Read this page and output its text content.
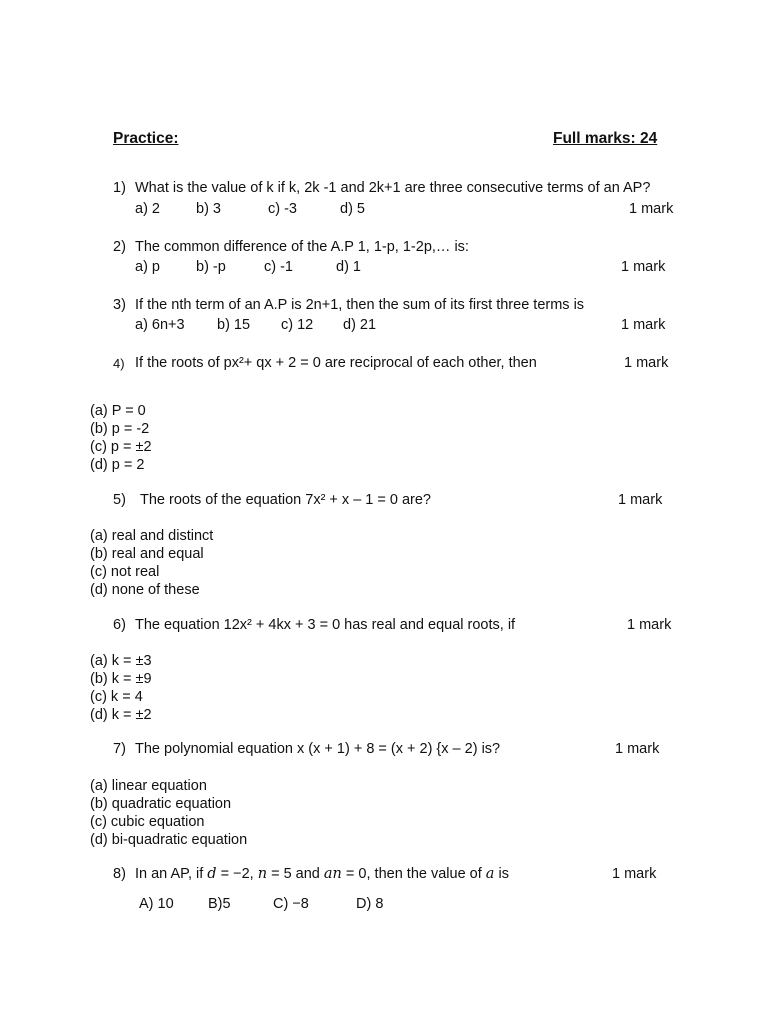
Practice:	Full marks: 24
1) What is the value of k if k, 2k -1 and 2k+1 are three consecutive terms of an AP?
a) 2 b) 3	c) -3	d) 5	1 mark
2) The common difference of the A.P 1, 1-p, 1-2p,… is:
a) p b) -p	c) -1	d) 1	1 mark
3) If the nth term of an A.P is 2n+1, then the sum of its first three terms is
a) 6n+3 b) 15 c) 12 d) 21	1 mark
4) If the roots of px²+ qx + 2 = 0 are reciprocal of each other, then	1 mark
(a) P = 0
(b) p = -2
(c) p = ±2
(d) p = 2
5) The roots of the equation 7x² + x – 1 = 0 are?	1 mark
(a) real and distinct
(b) real and equal
(c) not real
(d) none of these
6) The equation 12x² + 4kx + 3 = 0 has real and equal roots, if	1 mark
(a) k = ±3
(b) k = ±9
(c) k = 4
(d) k = ±2
7) The polynomial equation x (x + 1) + 8 = (x + 2) {x – 2) is?	1 mark
(a) linear equation
(b) quadratic equation
(c) cubic equation
(d) bi-quadratic equation
8) In an AP, if d = −2, n = 5 and an = 0, then the value of a is	1 mark
A) 10 B)5	C) −8	D) 8
